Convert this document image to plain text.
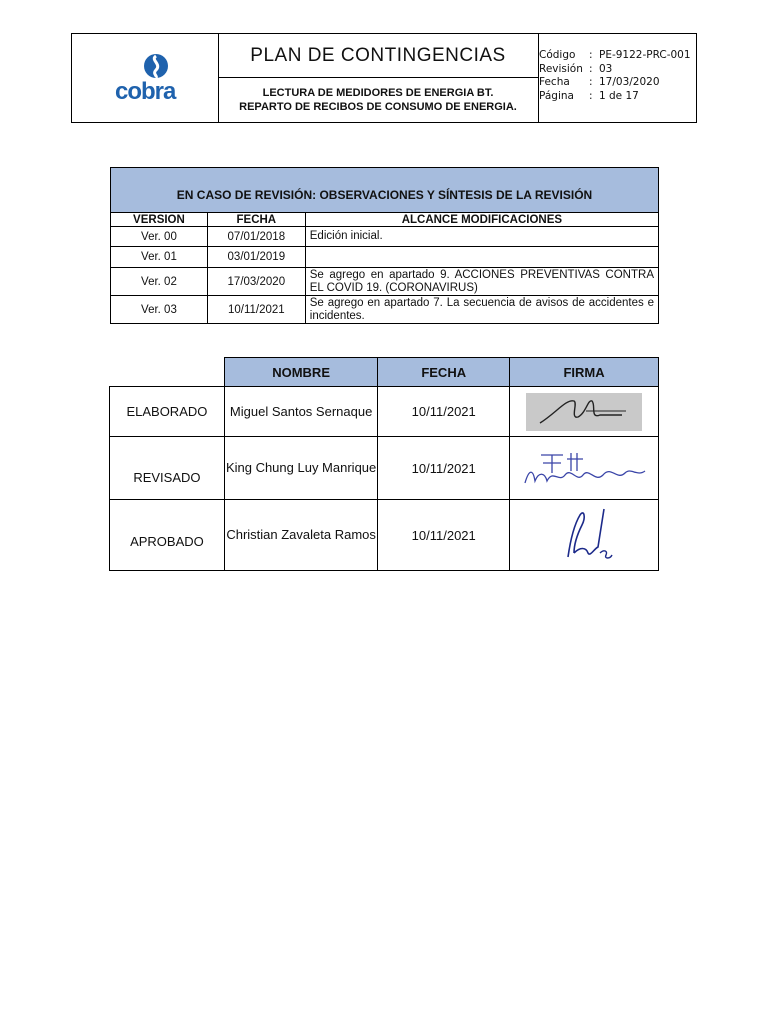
cobra
PLAN DE CONTINGENCIAS
LECTURA DE MEDIDORES DE ENERGIA BT.
REPARTO DE RECIBOS DE CONSUMO DE ENERGIA.
Código	: PE-9122-PRC-001
Revisión : 03
Fecha	: 17/03/2020
Página	: 1 de 17
EN CASO DE REVISIÓN: OBSERVACIONES Y SÍNTESIS DE LA REVISIÓN		
VERSION	FECHA	ALCANCE MODIFICACIONES
Ver. 00	07/01/2018	Edición inicial.
Ver. 01	03/01/2019	
Ver. 02	17/03/2020	Se agrego en apartado 9. ACCIONES PREVENTIVAS CONTRA EL COVID 19. (CORONAVIRUS)
Ver. 03	10/11/2021	Se agrego en apartado 7. La secuencia de avisos de accidentes e incidentes.
	NOMBRE	FECHA	FIRMA
ELABORADO	Miguel Santos Sernaque	10/11/2021	

REVISADO	King Chung Luy Manrique	10/11/2021	

APROBADO	Christian Zavaleta Ramos	10/11/2021	
